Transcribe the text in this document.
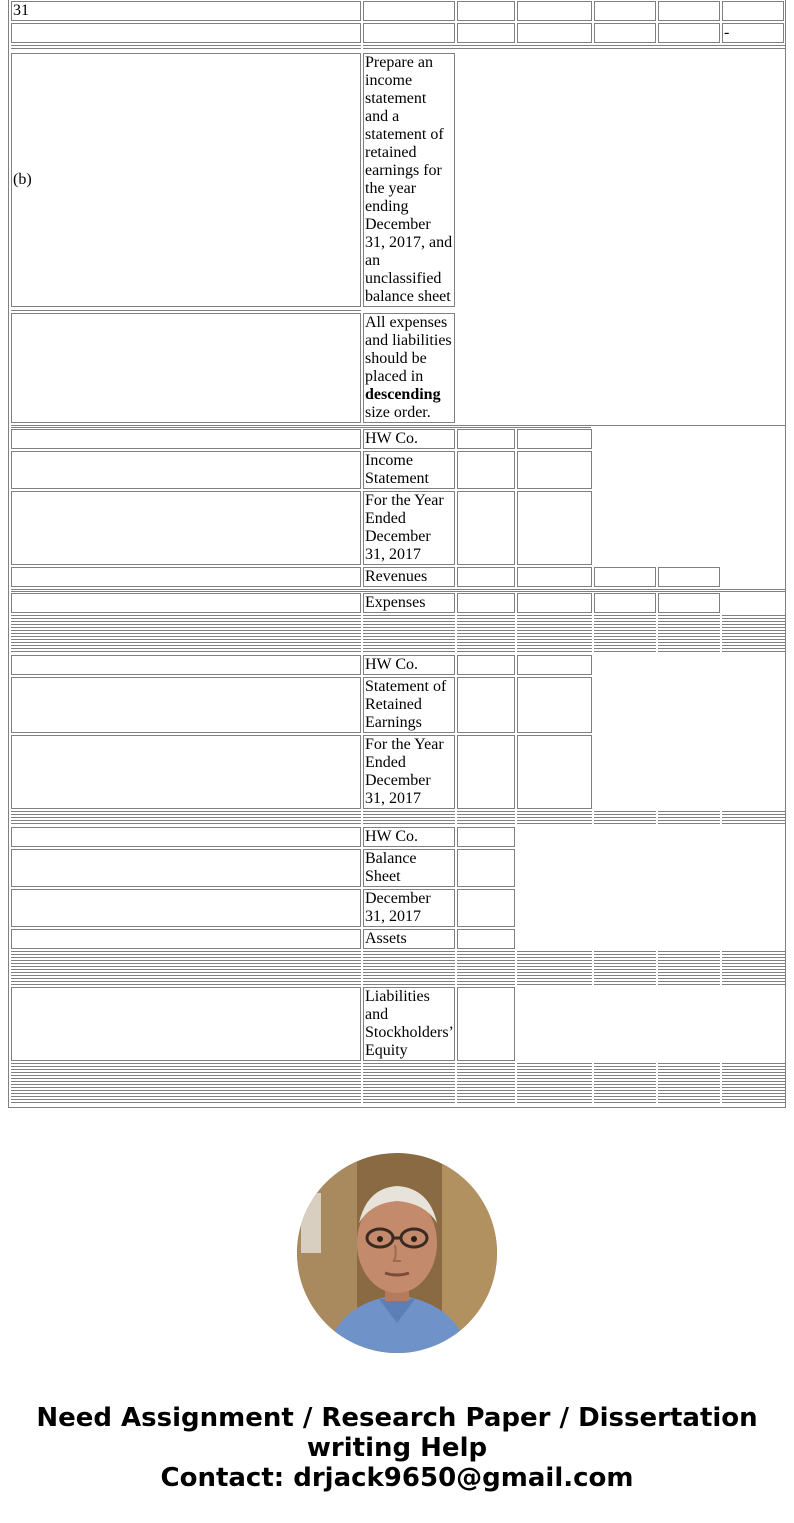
31
-
(b)
Prepare an income statement and a statement of retained earnings for the year ending December 31, 2017, and an unclassified balance sheet
All expenses and liabilities should be placed in descending size order.
HW Co.
Income Statement
For the Year Ended December 31, 2017
Revenues
Expenses
HW Co.
Statement of Retained Earnings
For the Year Ended December 31, 2017
HW Co.
Balance Sheet
December 31, 2017
Assets
Liabilities and Stockholders’ Equity
Need Assignment / Research Paper / Dissertation
writing Help
Contact: drjack9650@gmail.com
